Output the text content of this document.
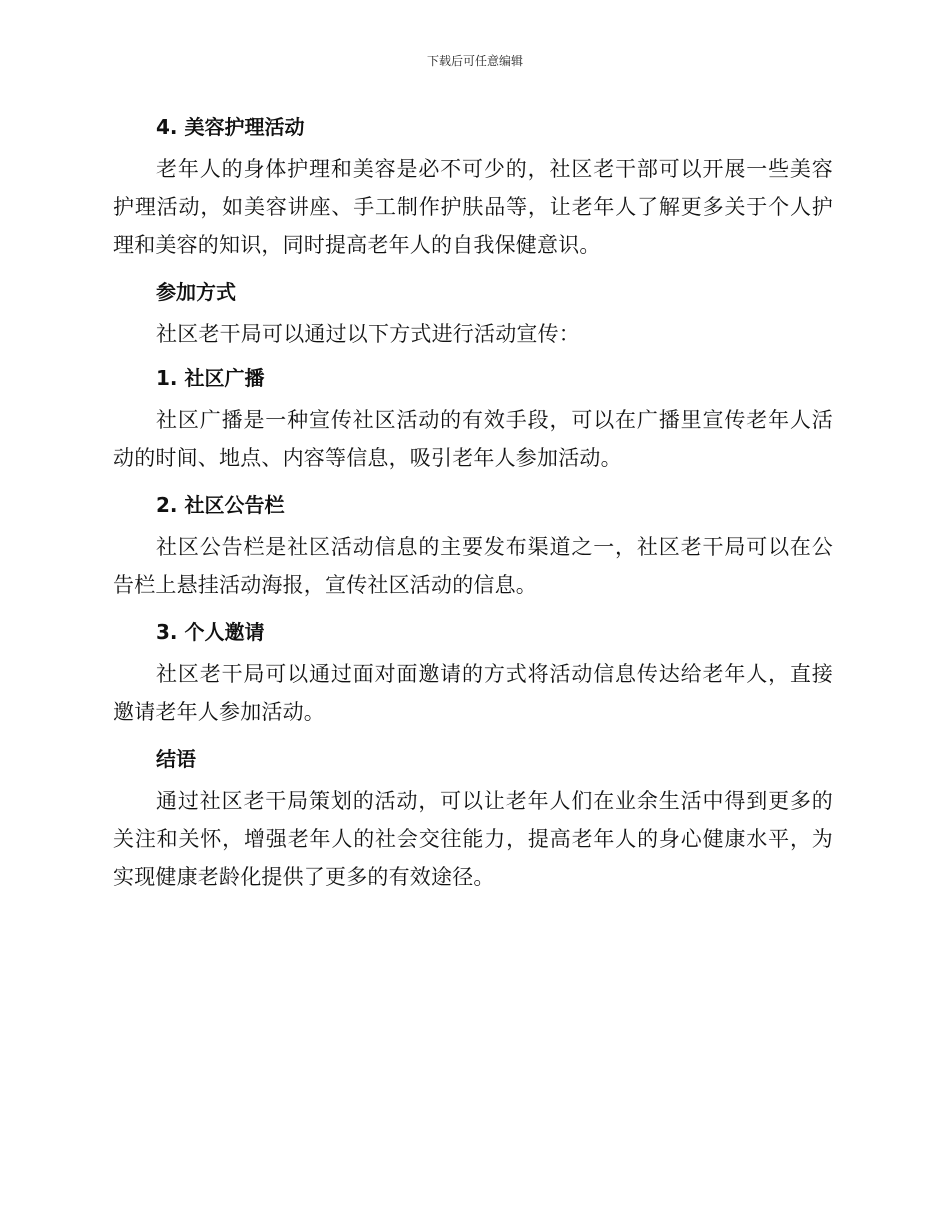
下载后可任意编辑
4. 美容护理活动

老年人的身体护理和美容是必不可少的，社区老干部可以开展一些美容护理活动，如美容讲座、手工制作护肤品等，让老年人了解更多关于个人护理和美容的知识，同时提高老年人的自我保健意识。

参加方式

社区老干局可以通过以下方式进行活动宣传：

1. 社区广播

社区广播是一种宣传社区活动的有效手段，可以在广播里宣传老年人活动的时间、地点、内容等信息，吸引老年人参加活动。

2. 社区公告栏

社区公告栏是社区活动信息的主要发布渠道之一，社区老干局可以在公告栏上悬挂活动海报，宣传社区活动的信息。

3. 个人邀请

社区老干局可以通过面对面邀请的方式将活动信息传达给老年人，直接邀请老年人参加活动。

结语

通过社区老干局策划的活动，可以让老年人们在业余生活中得到更多的关注和关怀，增强老年人的社会交往能力，提高老年人的身心健康水平，为实现健康老龄化提供了更多的有效途径。
